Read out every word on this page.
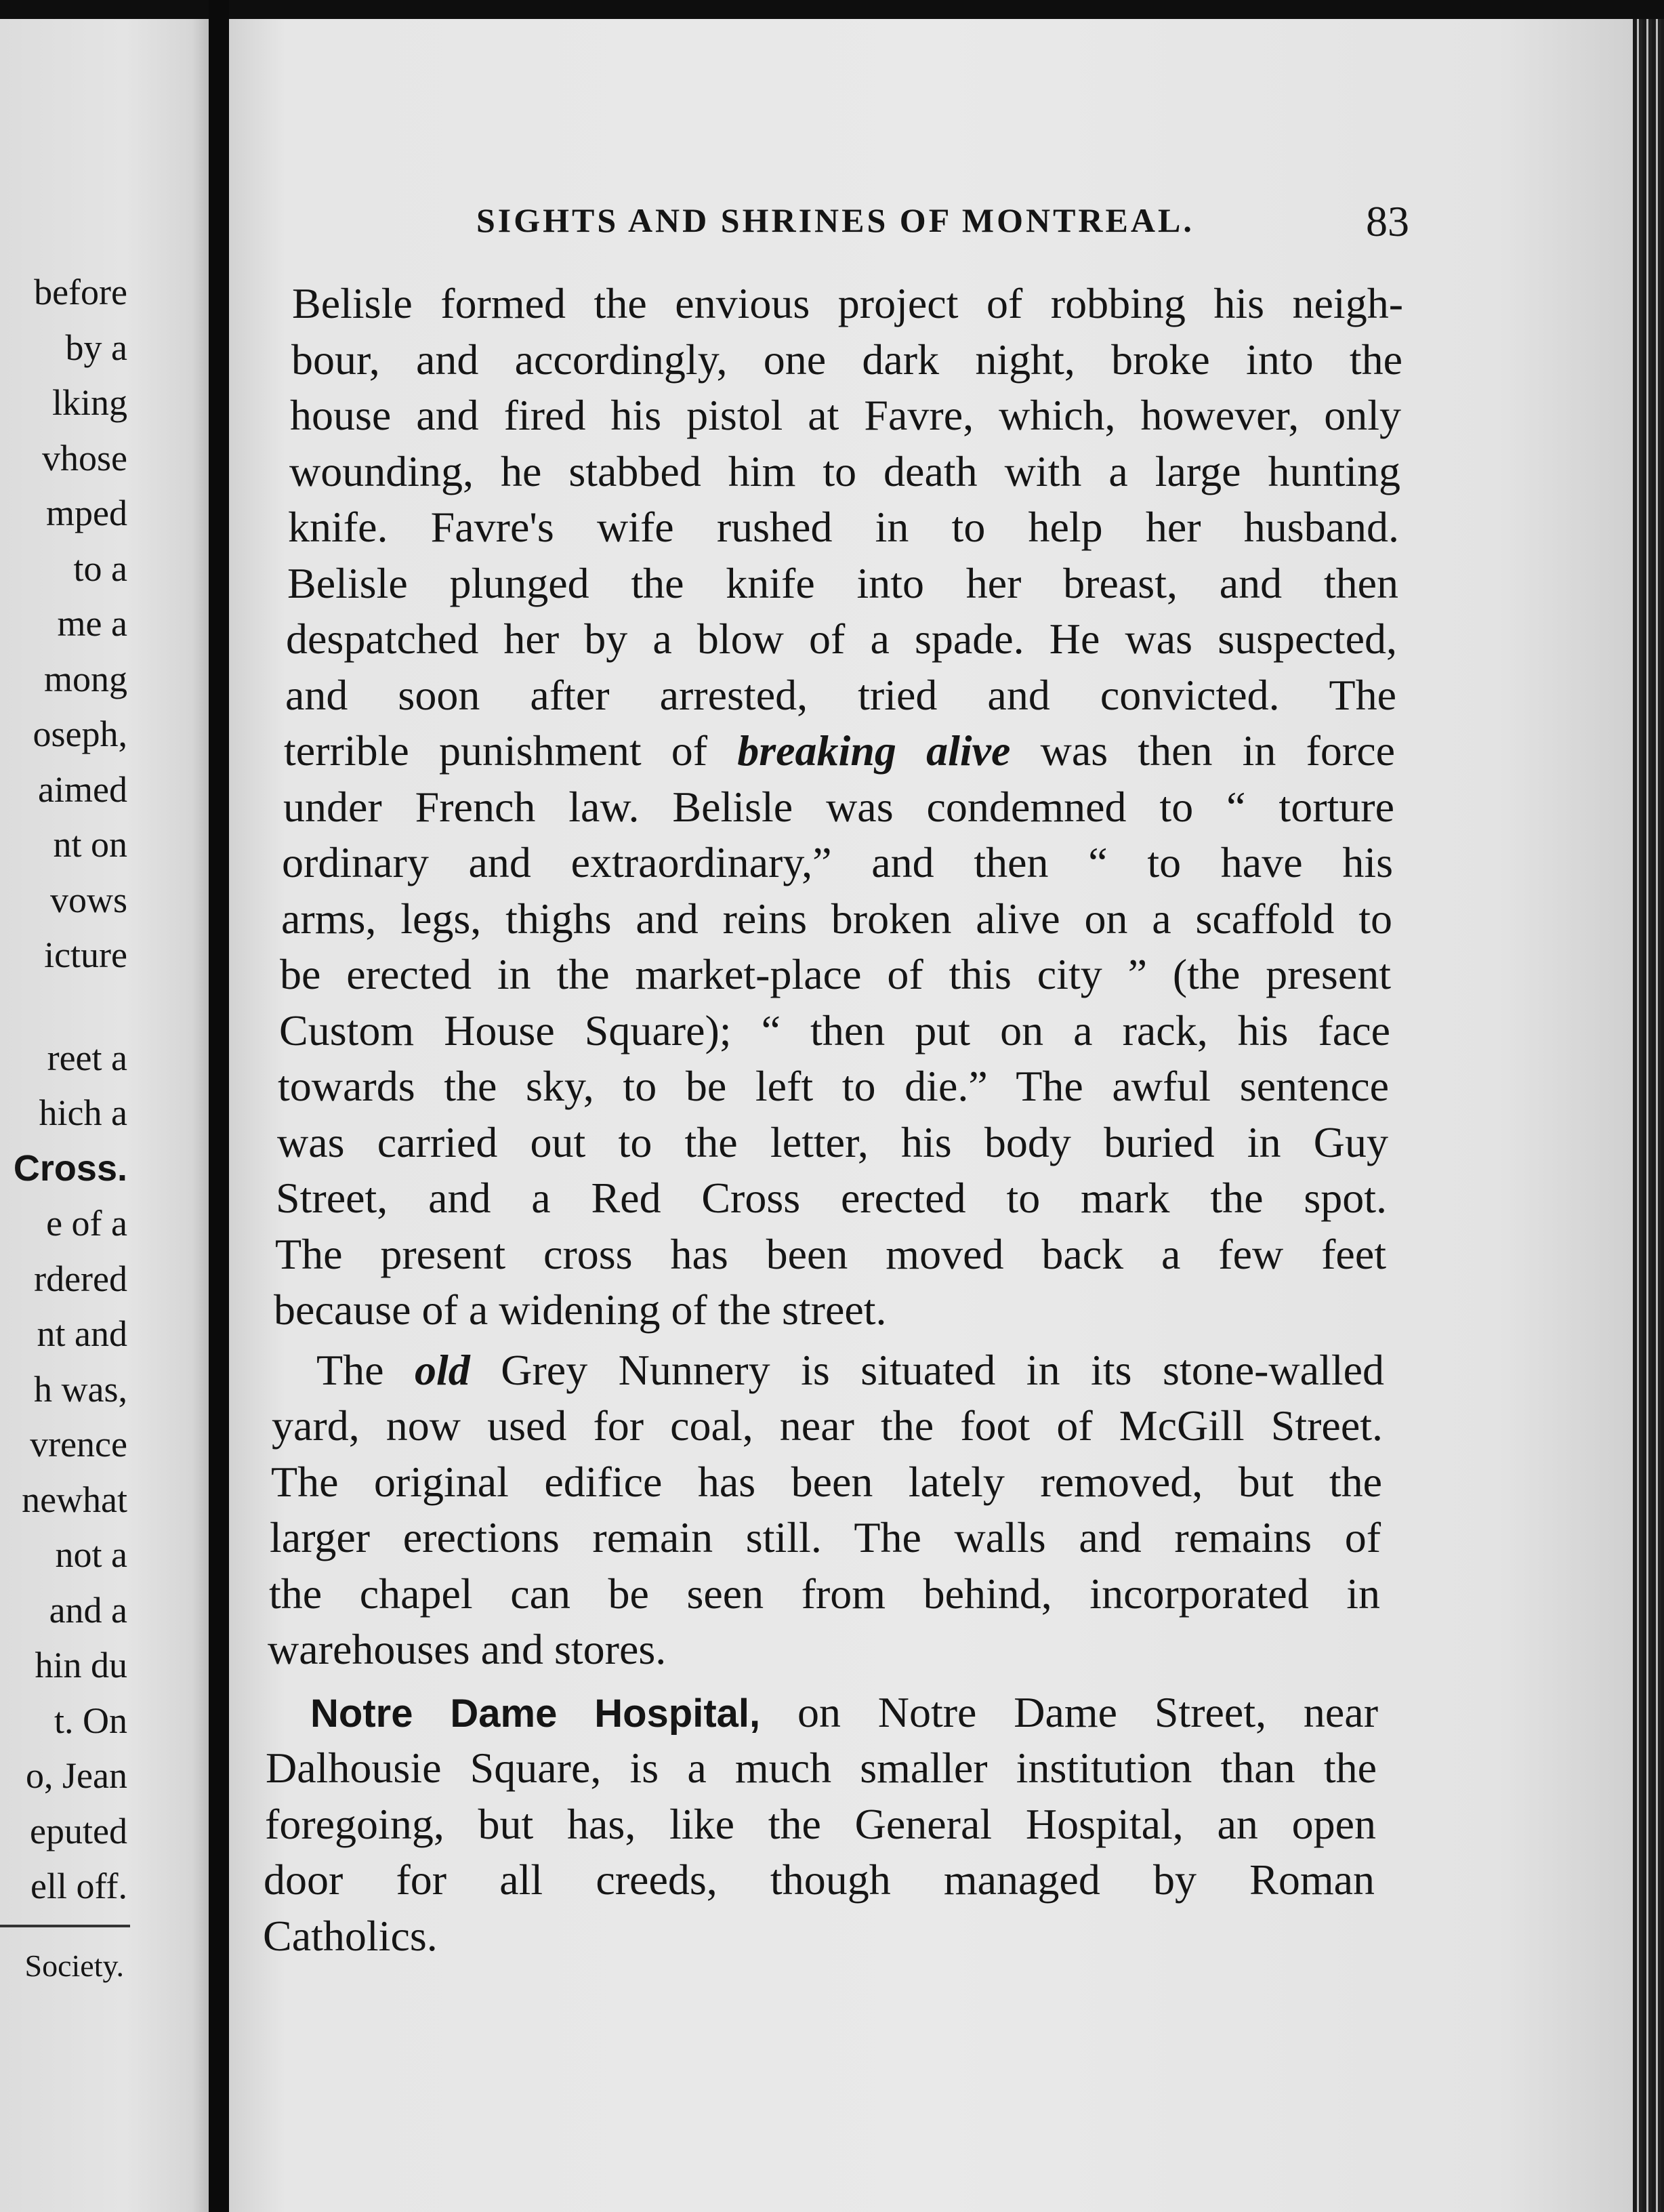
before
by a
lking
vhose
mped
to a
me a
mong
oseph,
aimed
nt on
vows
icture
reet a
hich a
Cross.
e of a
rdered
nt and
h was,
vrence
newhat
not a
and a
hin du
t. On
o, Jean
eputed
ell off.
Society.
SIGHTS AND SHRINES OF MONTREAL.	83
Belisle formed the envious project of robbing his neigh-
bour, and accordingly, one dark night, broke into the
house and fired his pistol at Favre, which, however, only
wounding, he stabbed him to death with a large hunting
knife. Favre's wife rushed in to help her husband.
Belisle plunged the knife into her breast, and then
despatched her by a blow of a spade. He was suspected,
and soon after arrested, tried and convicted. The
terrible punishment of breaking alive was then in force
under French law. Belisle was condemned to “ torture
ordinary and extraordinary,” and then “ to have his
arms, legs, thighs and reins broken alive on a scaffold to
be erected in the market-place of this city ” (the present
Custom House Square); “ then put on a rack, his face
towards the sky, to be left to die.” The awful sentence
was carried out to the letter, his body buried in Guy
Street, and a Red Cross erected to mark the spot.
The present cross has been moved back a few feet
because of a widening of the street.
The old Grey Nunnery is situated in its stone-walled
yard, now used for coal, near the foot of McGill Street.
The original edifice has been lately removed, but the
larger erections remain still. The walls and remains of
the chapel can be seen from behind, incorporated in
warehouses and stores.
Notre Dame Hospital, on Notre Dame Street, near
Dalhousie Square, is a much smaller institution than the
foregoing, but has, like the General Hospital, an open
door for all creeds, though managed by Roman
Catholics.
